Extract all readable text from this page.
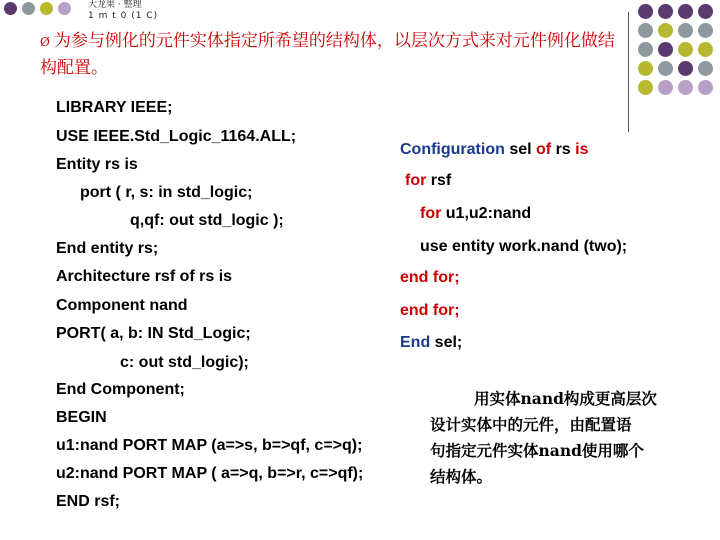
大龙果 · 整理
1 m t 0 (1 C)
Ø 为参与例化的元件实体指定所希望的结构体，以层次方式来对元件例化做结构配置。
LIBRARY IEEE;
USE IEEE.Std_Logic_1164.ALL;
Entity rs is
port ( r, s: in std_logic;
q,qf: out std_logic );
End entity rs;
Architecture rsf of rs is
Component nand
PORT( a, b: IN Std_Logic;
c: out std_logic);
End Component;
BEGIN
u1:nand PORT MAP (a=>s, b=>qf, c=>q);
u2:nand PORT MAP ( a=>q, b=>r, c=>qf);
END rsf;
Configuration sel of rs is
for rsf
for u1,u2:nand
use entity work.nand (two);
end for;
end for;
End sel;
用实体nand构成更高层次
设计实体中的元件，由配置语
句指定元件实体nand使用哪个
结构体。
